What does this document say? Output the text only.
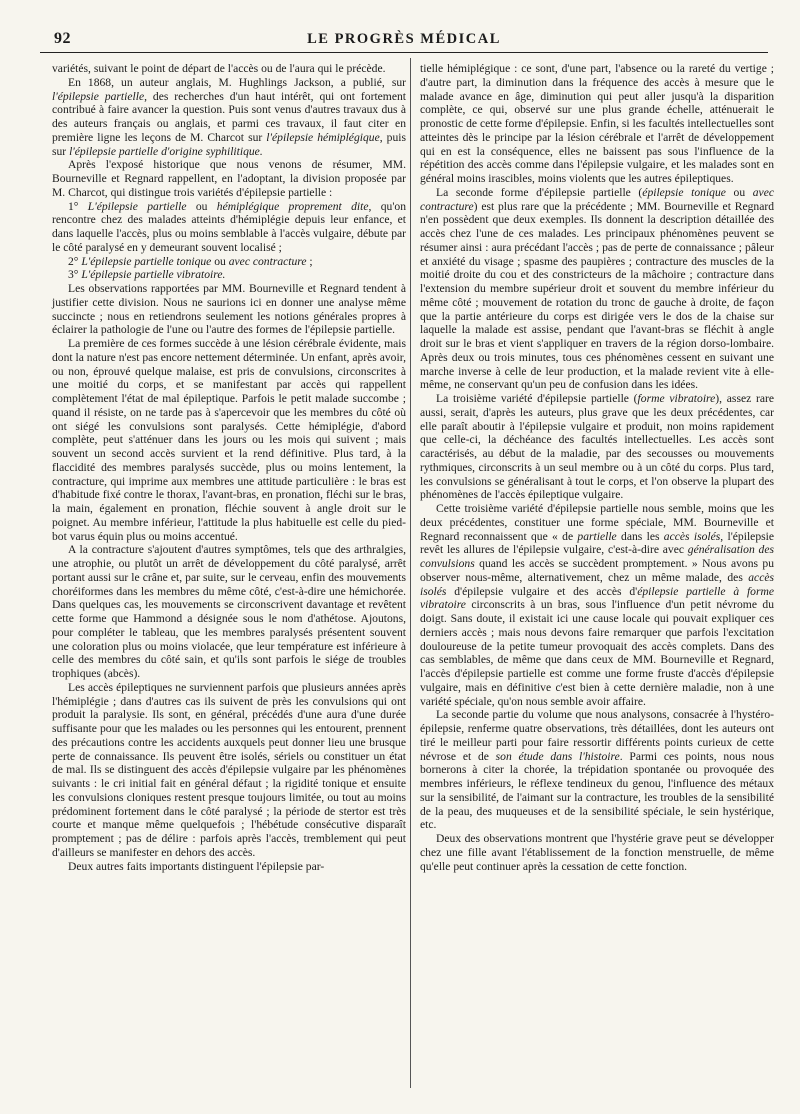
92	LE PROGRÈS MÉDICAL

variétés, suivant le point de départ de l'accès ou de l'aura qui le précède.

En 1868, un auteur anglais, M. Hughlings Jackson, a publié, sur l'épilepsie partielle, des recherches d'un haut intérêt, qui ont fortement contribué à faire avancer la question. Puis sont venus d'autres travaux dus à des auteurs français ou anglais, et parmi ces travaux, il faut citer en première ligne les leçons de M. Charcot sur l'épilepsie hémiplégique, puis sur l'épilepsie partielle d'origine syphilitique.

Après l'exposé historique que nous venons de résumer, MM. Bourneville et Regnard rappellent, en l'adoptant, la division proposée par M. Charcot, qui distingue trois variétés d'épilepsie partielle :

1° L'épilepsie partielle ou hémiplégique proprement dite, qu'on rencontre chez des malades atteints d'hémiplégie depuis leur enfance, et dans laquelle l'accès, plus ou moins semblable à l'accès vulgaire, débute par le côté paralysé en y demeurant souvent localisé ;

2° L'épilepsie partielle tonique ou avec contracture ;

3° L'épilepsie partielle vibratoire.

Les observations rapportées par MM. Bourneville et Regnard tendent à justifier cette division. Nous ne saurions ici en donner une analyse même succincte ; nous en retiendrons seulement les notions générales propres à éclairer la pathologie de l'une ou l'autre des formes de l'épilepsie partielle.

La première de ces formes succède à une lésion cérébrale évidente, mais dont la nature n'est pas encore nettement déterminée. Un enfant, après avoir, ou non, éprouvé quelque malaise, est pris de convulsions, circonscrites à une moitié du corps, et se manifestant par accès qui rappellent complètement l'état de mal épileptique. Parfois le petit malade succombe ; quand il résiste, on ne tarde pas à s'apercevoir que les membres du côté où ont siégé les convulsions sont paralysés. Cette hémiplégie, d'abord complète, peut s'atténuer dans les jours ou les mois qui suivent ; mais souvent un second accès survient et la rend définitive. Plus tard, à la flaccidité des membres paralysés succède, plus ou moins lentement, la contracture, qui imprime aux membres une attitude particulière : le bras est d'habitude fixé contre le thorax, l'avant-bras, en pronation, fléchi sur le bras, la main, également en pronation, fléchie souvent à angle droit sur le poignet. Au membre inférieur, l'attitude la plus habituelle est celle du pied-bot varus équin plus ou moins accentué.

A la contracture s'ajoutent d'autres symptômes, tels que des arthralgies, une atrophie, ou plutôt un arrêt de développement du côté paralysé, arrêt portant aussi sur le crâne et, par suite, sur le cerveau, enfin des mouvements choréiformes dans les membres du même côté, c'est-à-dire une hémichorée. Dans quelques cas, les mouvements se circonscrivent davantage et revêtent cette forme que Hammond a désignée sous le nom d'athétose. Ajoutons, pour compléter le tableau, que les membres paralysés présentent souvent une coloration plus ou moins violacée, que leur température est inférieure à celle des membres du côté sain, et qu'ils sont parfois le siége de troubles trophiques (abcès).

Les accès épileptiques ne surviennent parfois que plusieurs années après l'hémiplégie ; dans d'autres cas ils suivent de près les convulsions qui ont produit la paralysie. Ils sont, en général, précédés d'une aura d'une durée suffisante pour que les malades ou les personnes qui les entourent, prennent des précautions contre les accidents auxquels peut donner lieu une brusque perte de connaissance. Ils peuvent être isolés, sériels ou constituer un état de mal. Ils se distinguent des accès d'épilepsie vulgaire par les phénomènes suivants : le cri initial fait en général défaut ; la rigidité tonique et ensuite les convulsions cloniques restent presque toujours limitée, ou tout au moins prédominent fortement dans le côté paralysé ; la période de stertor est très courte et manque même quelquefois ; l'hébétude consécutive disparaît promptement ; pas de délire : parfois après l'accès, tremblement qui peut d'ailleurs se manifester en dehors des accès.

Deux autres faits importants distinguent l'épilepsie par-

tielle hémiplégique : ce sont, d'une part, l'absence ou la rareté du vertige ; d'autre part, la diminution dans la fréquence des accès à mesure que le malade avance en âge, diminution qui peut aller jusqu'à la disparition complète, ce qui, observé sur une plus grande échelle, atténuerait le pronostic de cette forme d'épilepsie. Enfin, si les facultés intellectuelles sont atteintes dès le principe par la lésion cérébrale et l'arrêt de développement qui en est la conséquence, elles ne baissent pas sous l'influence de la répétition des accès comme dans l'épilepsie vulgaire, et les malades sont en général moins irascibles, moins violents que les autres épileptiques.

La seconde forme d'épilepsie partielle (épilepsie tonique ou avec contracture) est plus rare que la précédente ; MM. Bourneville et Regnard n'en possèdent que deux exemples. Ils donnent la description détaillée des accès chez l'une de ces malades. Les principaux phénomènes peuvent se résumer ainsi : aura précédant l'accès ; pas de perte de connaissance ; pâleur et anxiété du visage ; spasme des paupières ; contracture des muscles de la moitié droite du cou et des constricteurs de la mâchoire ; contracture dans l'extension du membre supérieur droit et souvent du membre inférieur du même côté ; mouvement de rotation du tronc de gauche à droite, de façon que la partie antérieure du corps est dirigée vers le dos de la chaise sur laquelle la malade est assise, pendant que l'avant-bras se fléchit à angle droit sur le bras et vient s'appliquer en travers de la région dorso-lombaire. Après deux ou trois minutes, tous ces phénomènes cessent en suivant une marche inverse à celle de leur production, et la malade revient vite à elle-même, ne conservant qu'un peu de confusion dans les idées.

La troisième variété d'épilepsie partielle (forme vibratoire), assez rare aussi, serait, d'après les auteurs, plus grave que les deux précédentes, car elle paraît aboutir à l'épilepsie vulgaire et produit, non moins rapidement que celle-ci, la déchéance des facultés intellectuelles. Les accès sont caractérisés, au début de la maladie, par des secousses ou mouvements rythmiques, circonscrits à un seul membre ou à un côté du corps. Plus tard, les convulsions se généralisant à tout le corps, et l'on observe la plupart des phénomènes de l'accès épileptique vulgaire.

Cette troisième variété d'épilepsie partielle nous semble, moins que les deux précédentes, constituer une forme spéciale, MM. Bourneville et Regnard reconnaissent que « de partielle dans les accès isolés, l'épilepsie revêt les allures de l'épilepsie vulgaire, c'est-à-dire avec généralisation des convulsions quand les accès se succèdent promptement. » Nous avons pu observer nous-même, alternativement, chez un même malade, des accès isolés d'épilepsie vulgaire et des accès d'épilepsie partielle à forme vibratoire circonscrits à un bras, sous l'influence d'un petit névrome du doigt. Sans doute, il existait ici une cause locale qui pouvait expliquer ces derniers accès ; mais nous devons faire remarquer que parfois l'excitation douloureuse de la petite tumeur provoquait des accès complets. Dans des cas semblables, de même que dans ceux de MM. Bourneville et Regnard, l'accès d'épilepsie partielle est comme une forme fruste d'accès d'épilepsie vulgaire, mais en définitive c'est bien à cette dernière maladie, non à une variété spéciale, qu'on nous semble avoir affaire.

La seconde partie du volume que nous analysons, consacrée à l'hystéro-épilepsie, renferme quatre observations, très détaillées, dont les auteurs ont tiré le meilleur parti pour faire ressortir différents points curieux de cette névrose et de son étude dans l'histoire. Parmi ces points, nous nous bornerons à citer la chorée, la trépidation spontanée ou provoquée des membres inférieurs, le réflexe tendineux du genou, l'influence des métaux sur la sensibilité, de l'aimant sur la contracture, les troubles de la sensibilité de la peau, des muqueuses et de la sensibilité spéciale, le sein hystérique, etc.

Deux des observations montrent que l'hystérie grave peut se développer chez une fille avant l'établissement de la fonction menstruelle, de même qu'elle peut continuer après la cessation de cette fonction.
